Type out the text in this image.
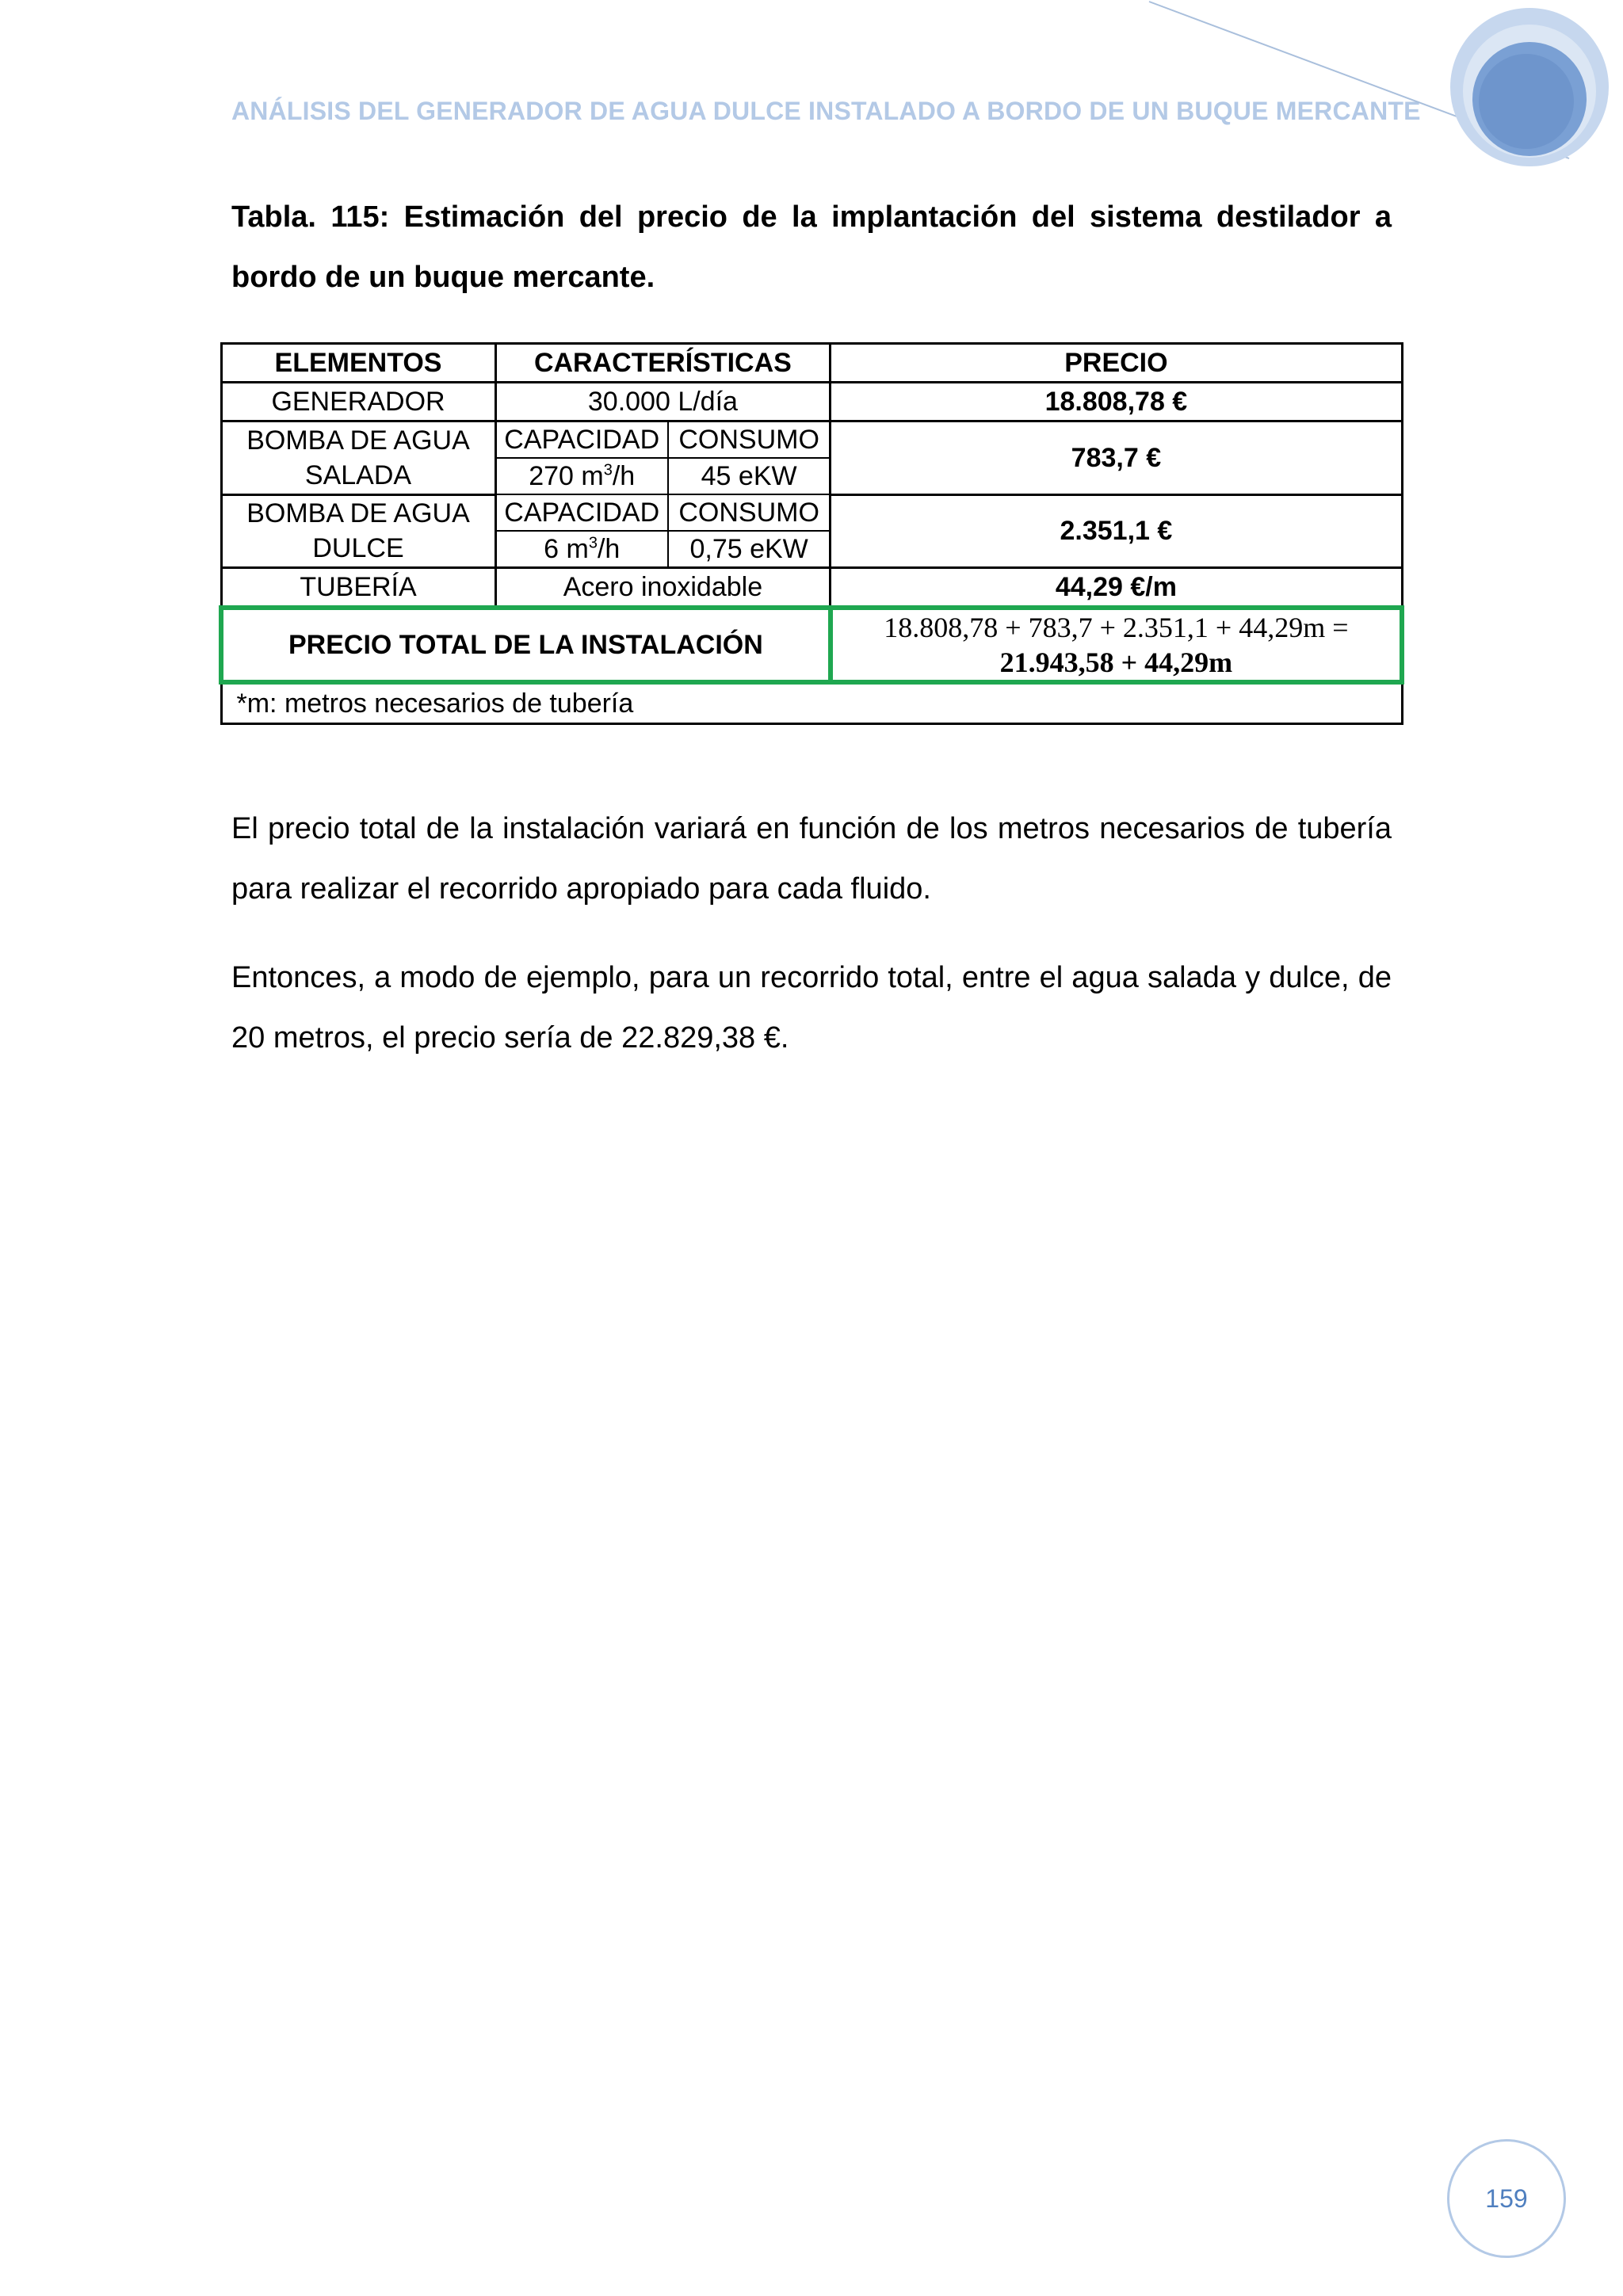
ANÁLISIS DEL GENERADOR DE AGUA DULCE INSTALADO A BORDO DE UN BUQUE MERCANTE
Tabla. 115: Estimación del precio de la implantación del sistema destilador a bordo de un buque mercante.
ELEMENTOS	CARACTERÍSTICAS		PRECIO
GENERADOR	30.000 L/día		18.808,78 €

BOMBA DE AGUA
SALADA	CAPACIDAD	CONSUMO	783,7 €
	270 $m^3/h$	45 eKW	

BOMBA DE AGUA
DULCE	CAPACIDAD	CONSUMO	2.351,1 €
	6 $m^3/h$	0,75 eKW	
TUBERÍA	Acero inoxidable		44,29 €/m
PRECIO TOTAL DE LA INSTALACIÓN			18.808,78 + 783,7 + 2.351,1 + 44,29m =
21.943,58 + 44,29m

*m: metros necesarios de tubería			
El precio total de la instalación variará en función de los metros necesarios de tubería para realizar el recorrido apropiado para cada fluido.
Entonces, a modo de ejemplo, para un recorrido total, entre el agua salada y dulce, de 20 metros, el precio sería de 22.829,38 €.
159
